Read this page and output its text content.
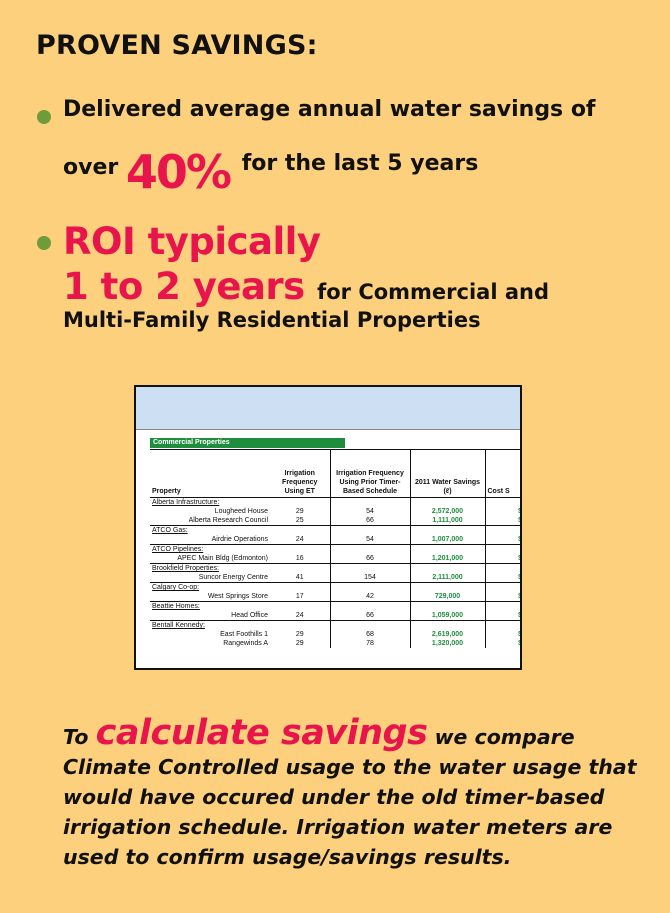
PROVEN SAVINGS:
Delivered average annual water savings of
over 40% for the last 5 years
ROI typically
1 to 2 years for Commercial and
Multi-Family Residential Properties
Commercial Properties
Property	Irrigation Frequency Using ET	Irrigation Frequency Using Prior Timer-Based Schedule	2011 Water Savings (ℓ)	Cost S
Alberta Infrastructure:				
Lougheed House	29	54	2,572,000	$
Alberta Research Council	25	66	1,111,000	$
ATCO Gas:				
Airdrie Operations	24	54	1,007,000	$
ATCO Pipelines:				
APEC Main Bldg (Edmonton)	16	66	1,201,000	$
Brookfield Properties:				
Suncor Energy Centre	41	154	2,111,000	$
Calgary Co-op:				
West Springs Store	17	42	729,000	$
Beattie Homes:				
Head Office	24	66	1,059,000	$
Bentall Kennedy:				
East Foothills 1	29	68	2,619,000	$
Rangewinds A	29	78	1,320,000	$
To calculate savings we compare Climate Controlled usage to the water usage that would have occured under the old timer-based irrigation schedule. Irrigation water meters are used to confirm usage/savings results.
